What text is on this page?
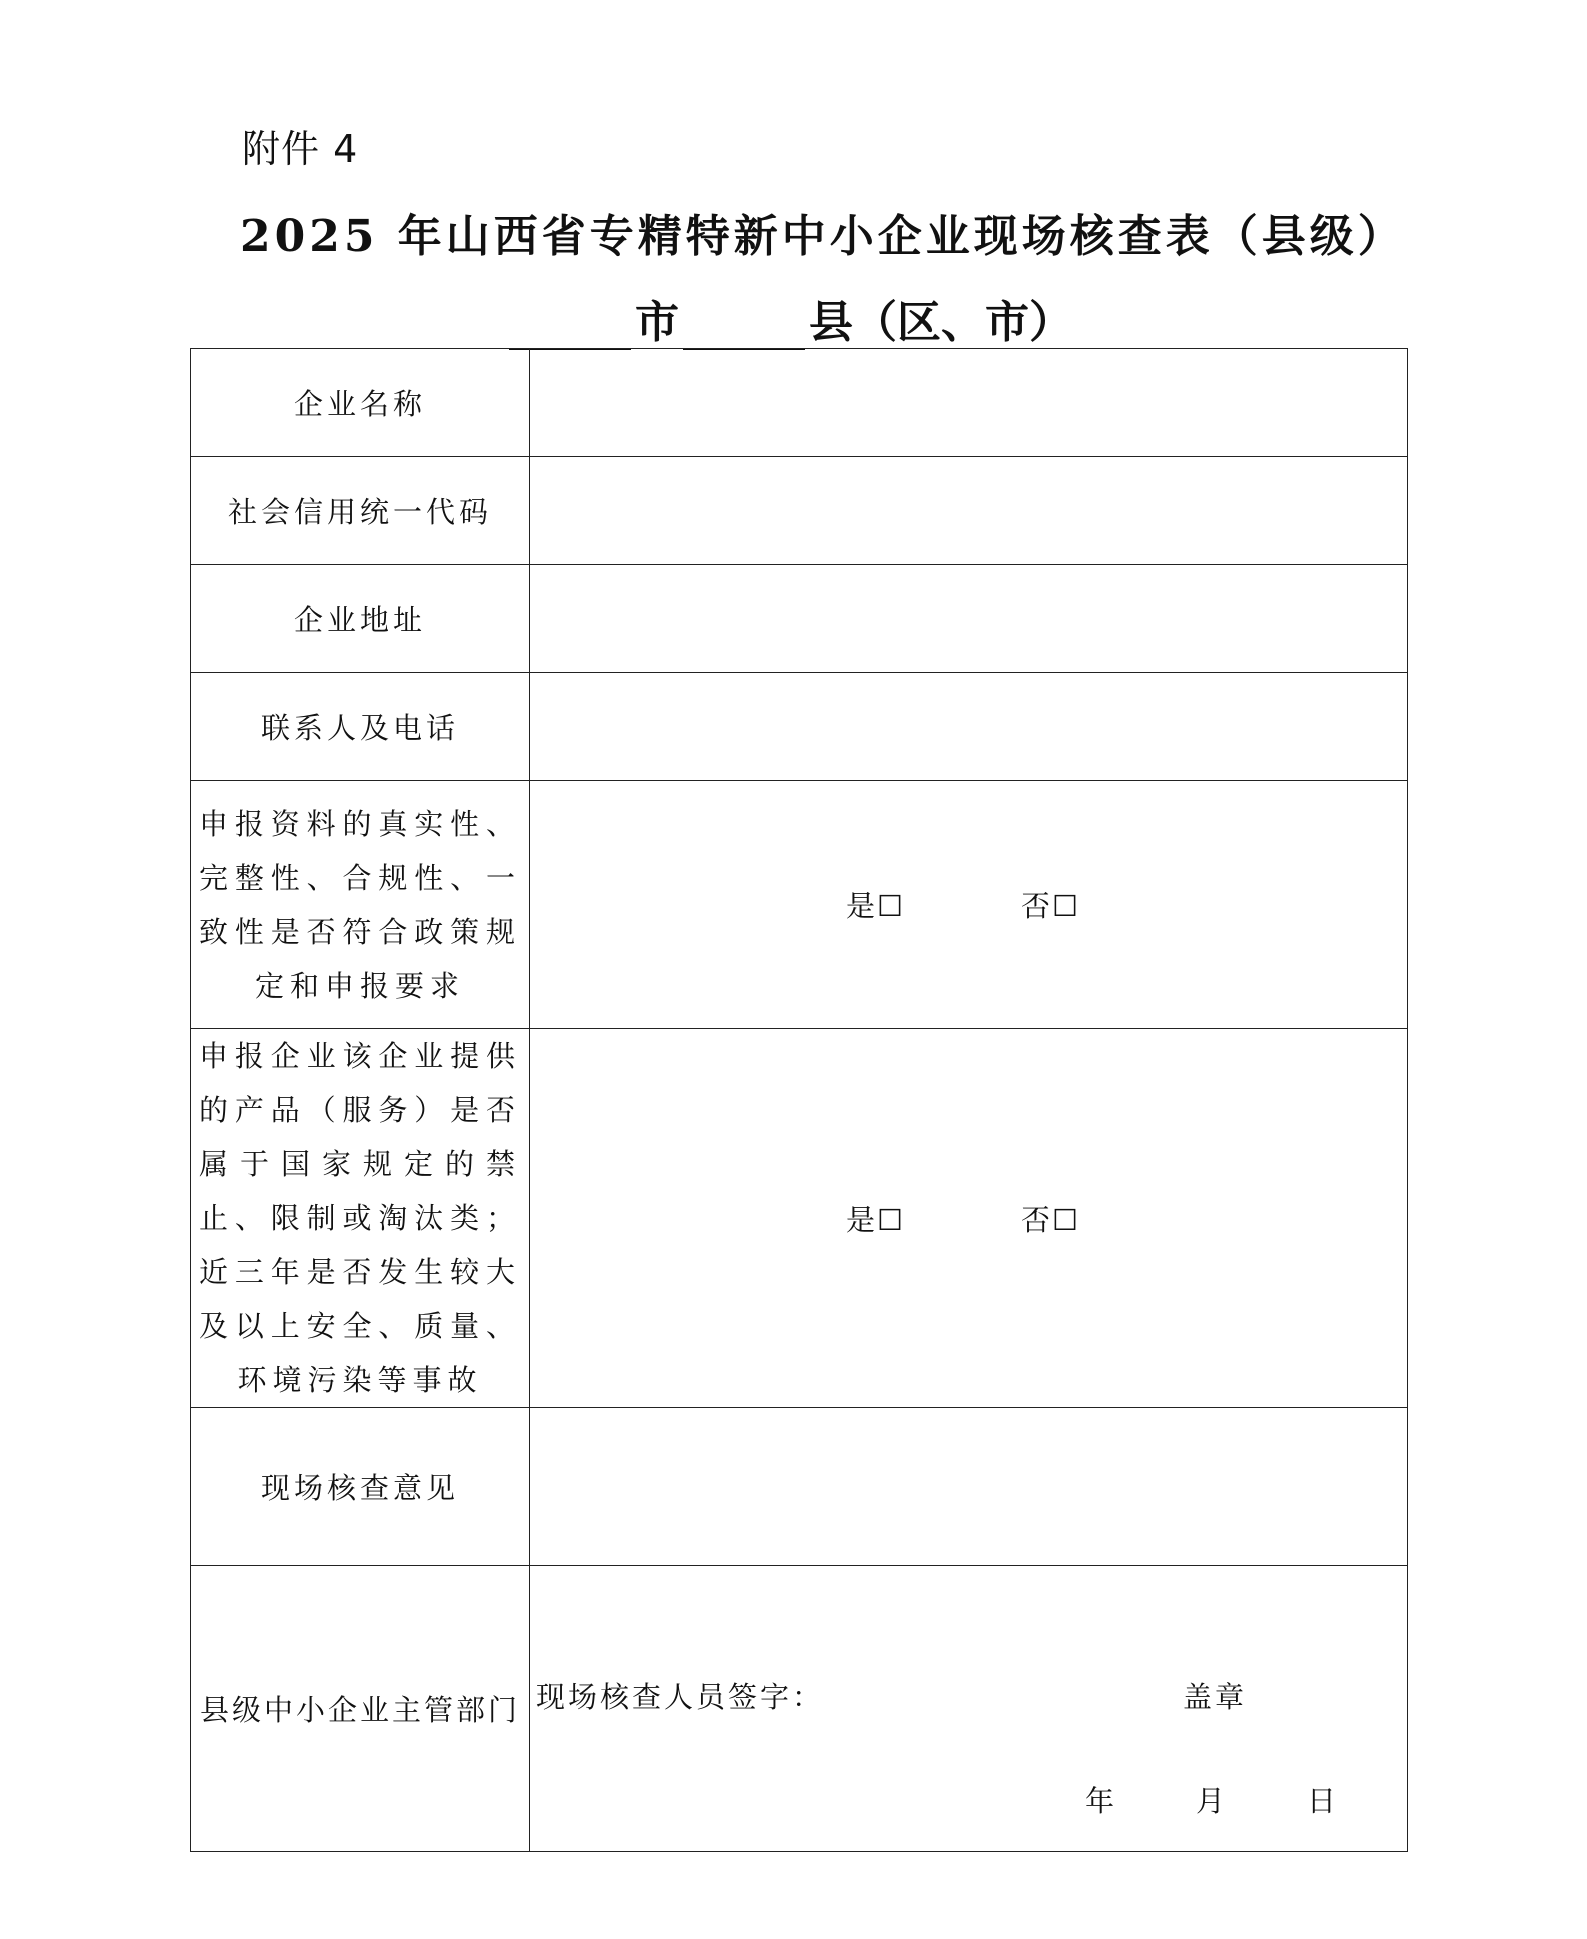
附件 4
2025 年山西省专精特新中小企业现场核查表（县级）
市	县（区、市）
企业名称	
社会信用统一代码	
企业地址	
联系人及电话	
申报资料的真实性、完整性、合规性、一致性是否符合政策规定和申报要求	是☐ 否☐

申报企业该企业提供的产品（服务）是否属于国家规定的禁止、限制或淘汰类；近三年是否发生较大及以上安全、质量、环境污染等事故	是☐ 否☐

现场核查意见	
县级中小企业主管部门	现场核查人员签字： 盖章
年 月 日
